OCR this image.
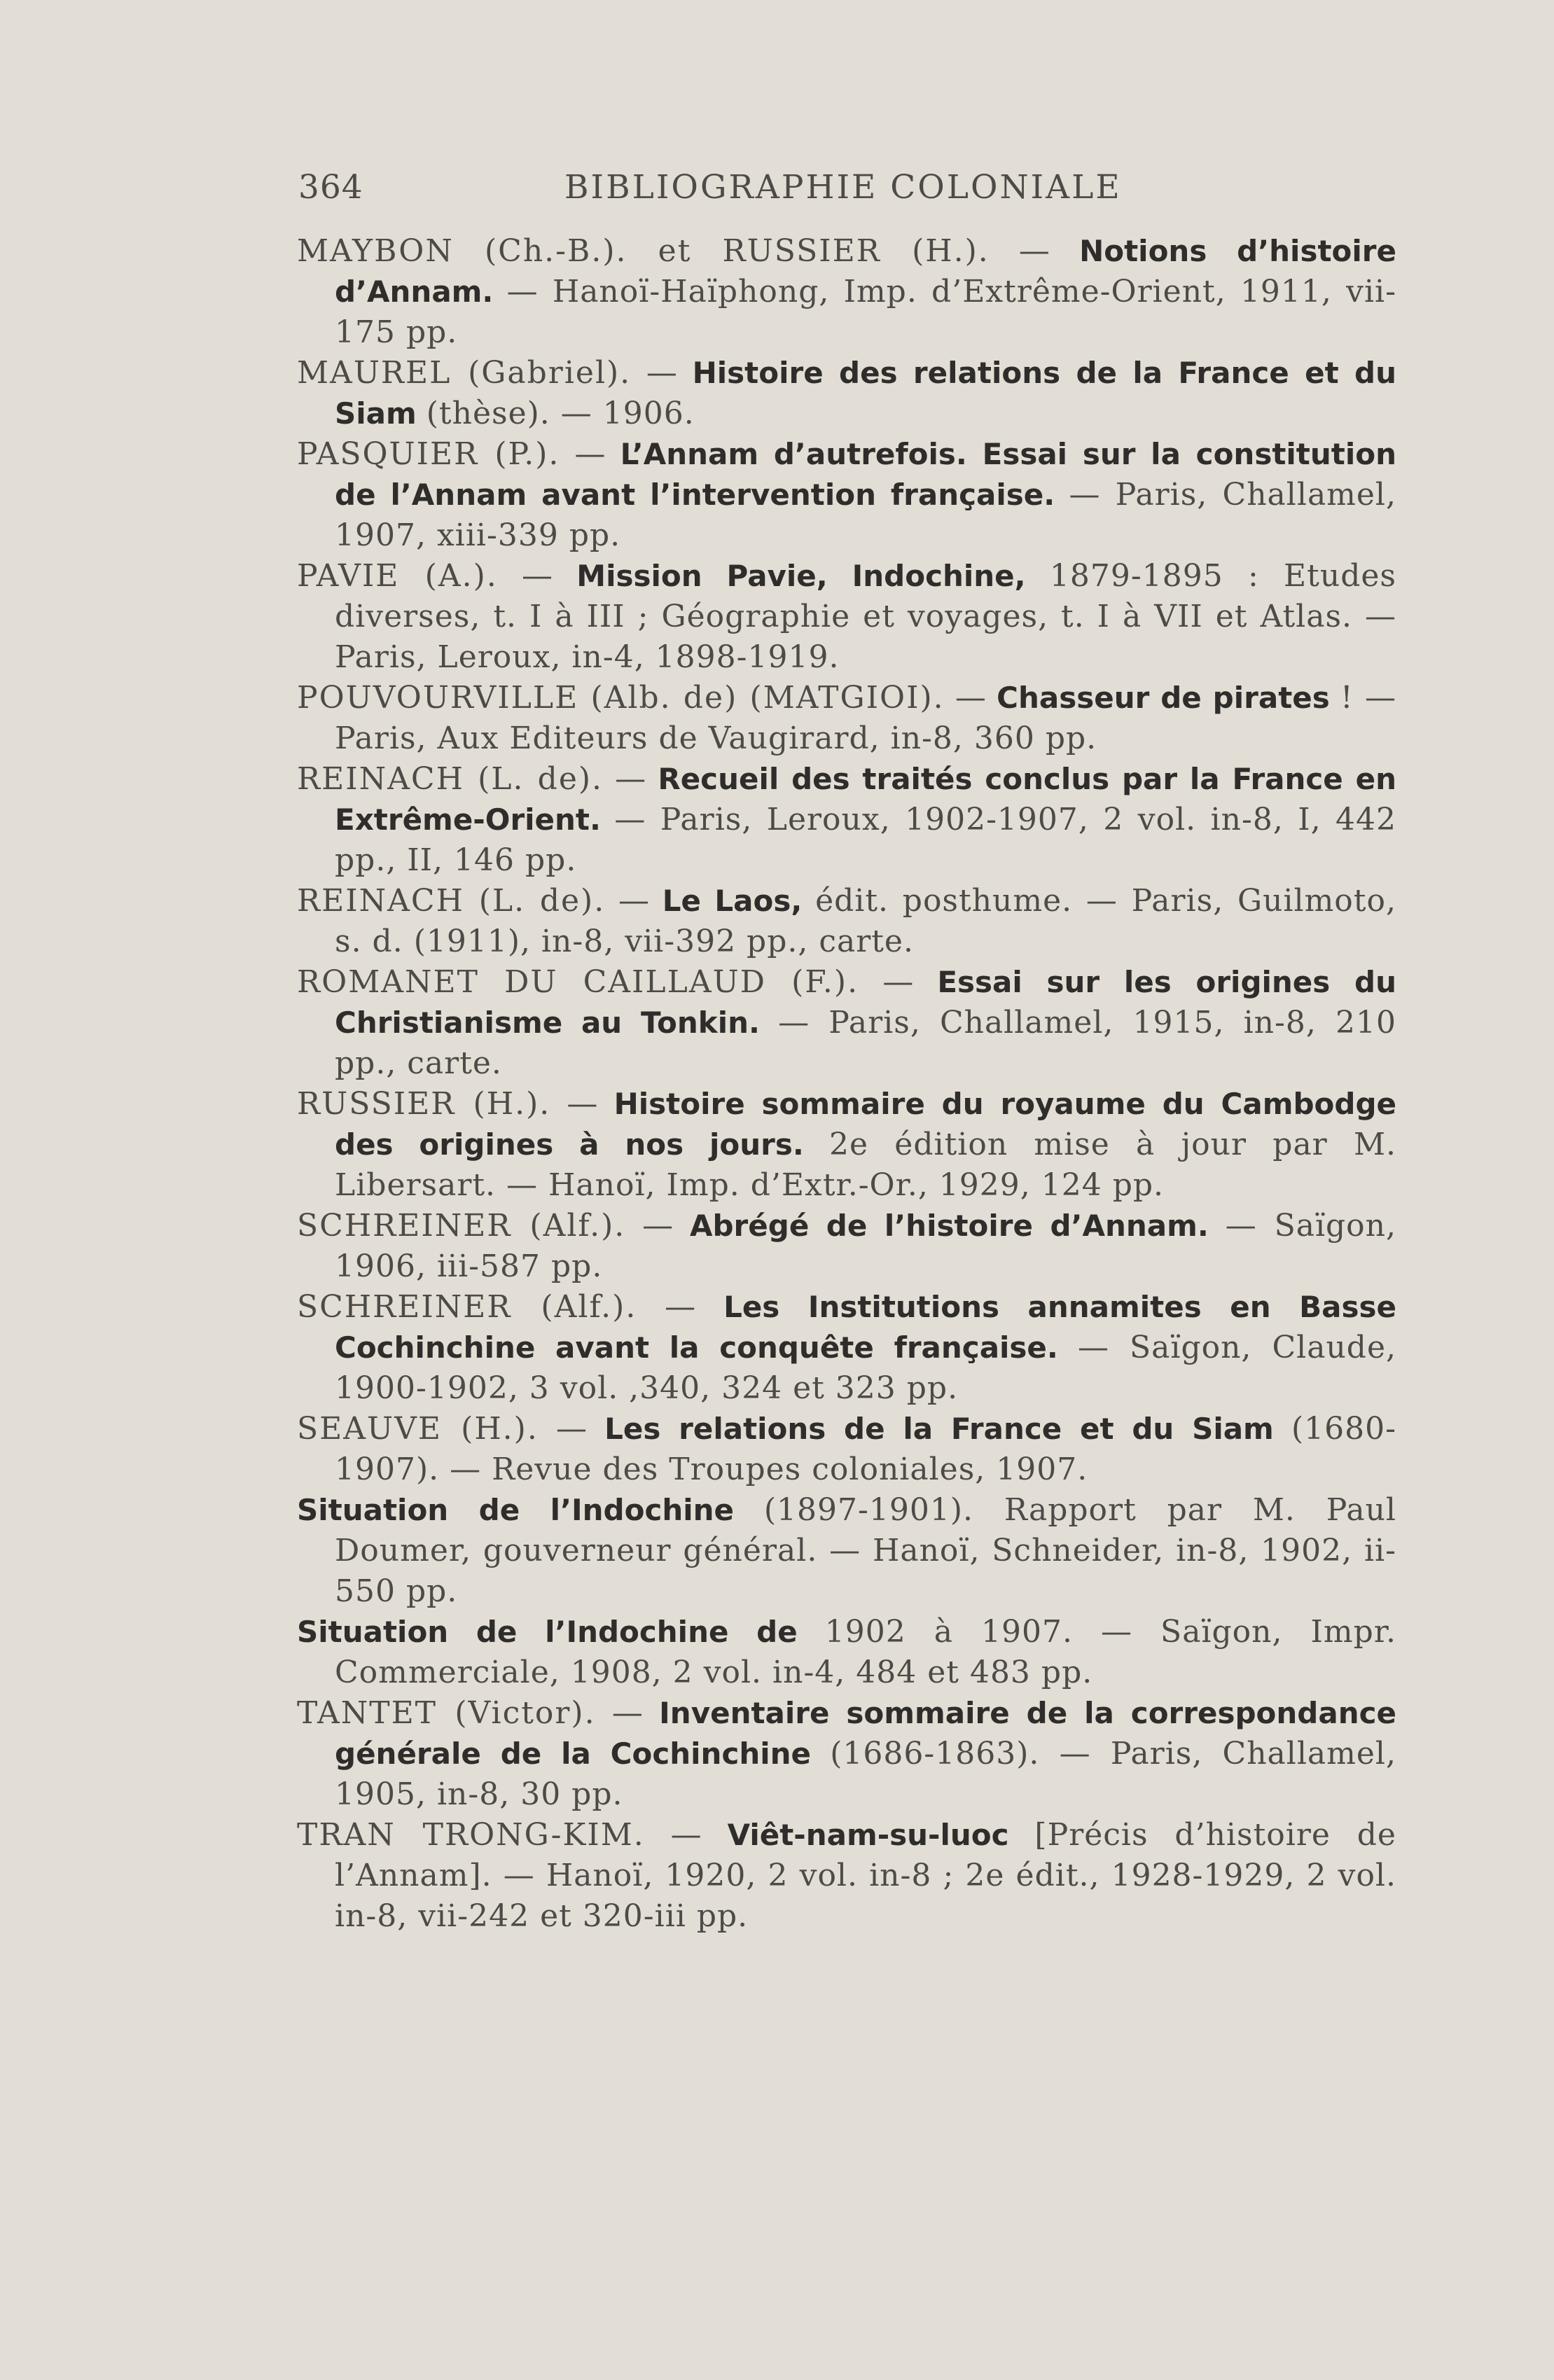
364	BIBLIOGRAPHIE COLONIALE
MAYBON (Ch.-B.). et RUSSIER (H.). — Notions d’histoire d’Annam. — Hanoï-Haïphong, Imp. d’Extrême-Orient, 1911, vii-175 pp.
MAUREL (Gabriel). — Histoire des relations de la France et du Siam (thèse). — 1906.
PASQUIER (P.). — L’Annam d’autrefois. Essai sur la constitution de l’Annam avant l’intervention française. — Paris, Challamel, 1907, xiii-339 pp.
PAVIE (A.). — Mission Pavie, Indochine, 1879-1895 : Etudes diverses, t. I à III ; Géographie et voyages, t. I à VII et Atlas. — Paris, Leroux, in-4, 1898-1919.
POUVOURVILLE (Alb. de) (MATGIOI). — Chasseur de pirates ! — Paris, Aux Editeurs de Vaugirard, in-8, 360 pp.
REINACH (L. de). — Recueil des traités conclus par la France en Extrême-Orient. — Paris, Leroux, 1902-1907, 2 vol. in-8, I, 442 pp., II, 146 pp.
REINACH (L. de). — Le Laos, édit. posthume. — Paris, Guilmoto, s. d. (1911), in-8, vii-392 pp., carte.
ROMANET DU CAILLAUD (F.). — Essai sur les origines du Christianisme au Tonkin. — Paris, Challamel, 1915, in-8, 210 pp., carte.
RUSSIER (H.). — Histoire sommaire du royaume du Cambodge des origines à nos jours. 2e édition mise à jour par M. Libersart. — Hanoï, Imp. d’Extr.-Or., 1929, 124 pp.
SCHREINER (Alf.). — Abrégé de l’histoire d’Annam. — Saïgon, 1906, iii-587 pp.
SCHREINER (Alf.). — Les Institutions annamites en Basse Cochinchine avant la conquête française. — Saïgon, Claude, 1900-1902, 3 vol. ,340, 324 et 323 pp.
SEAUVE (H.). — Les relations de la France et du Siam (1680-1907). — Revue des Troupes coloniales, 1907.
Situation de l’Indochine (1897-1901). Rapport par M. Paul Doumer, gouverneur général. — Hanoï, Schneider, in-8, 1902, ii-550 pp.
Situation de l’Indochine de 1902 à 1907. — Saïgon, Impr. Commerciale, 1908, 2 vol. in-4, 484 et 483 pp.
TANTET (Victor). — Inventaire sommaire de la correspondance générale de la Cochinchine (1686-1863). — Paris, Challamel, 1905, in-8, 30 pp.
TRAN TRONG-KIM. — Viêt-nam-su-luoc [Précis d’histoire de l’Annam]. — Hanoï, 1920, 2 vol. in-8 ; 2e édit., 1928-1929, 2 vol. in-8, vii-242 et 320-iii pp.
